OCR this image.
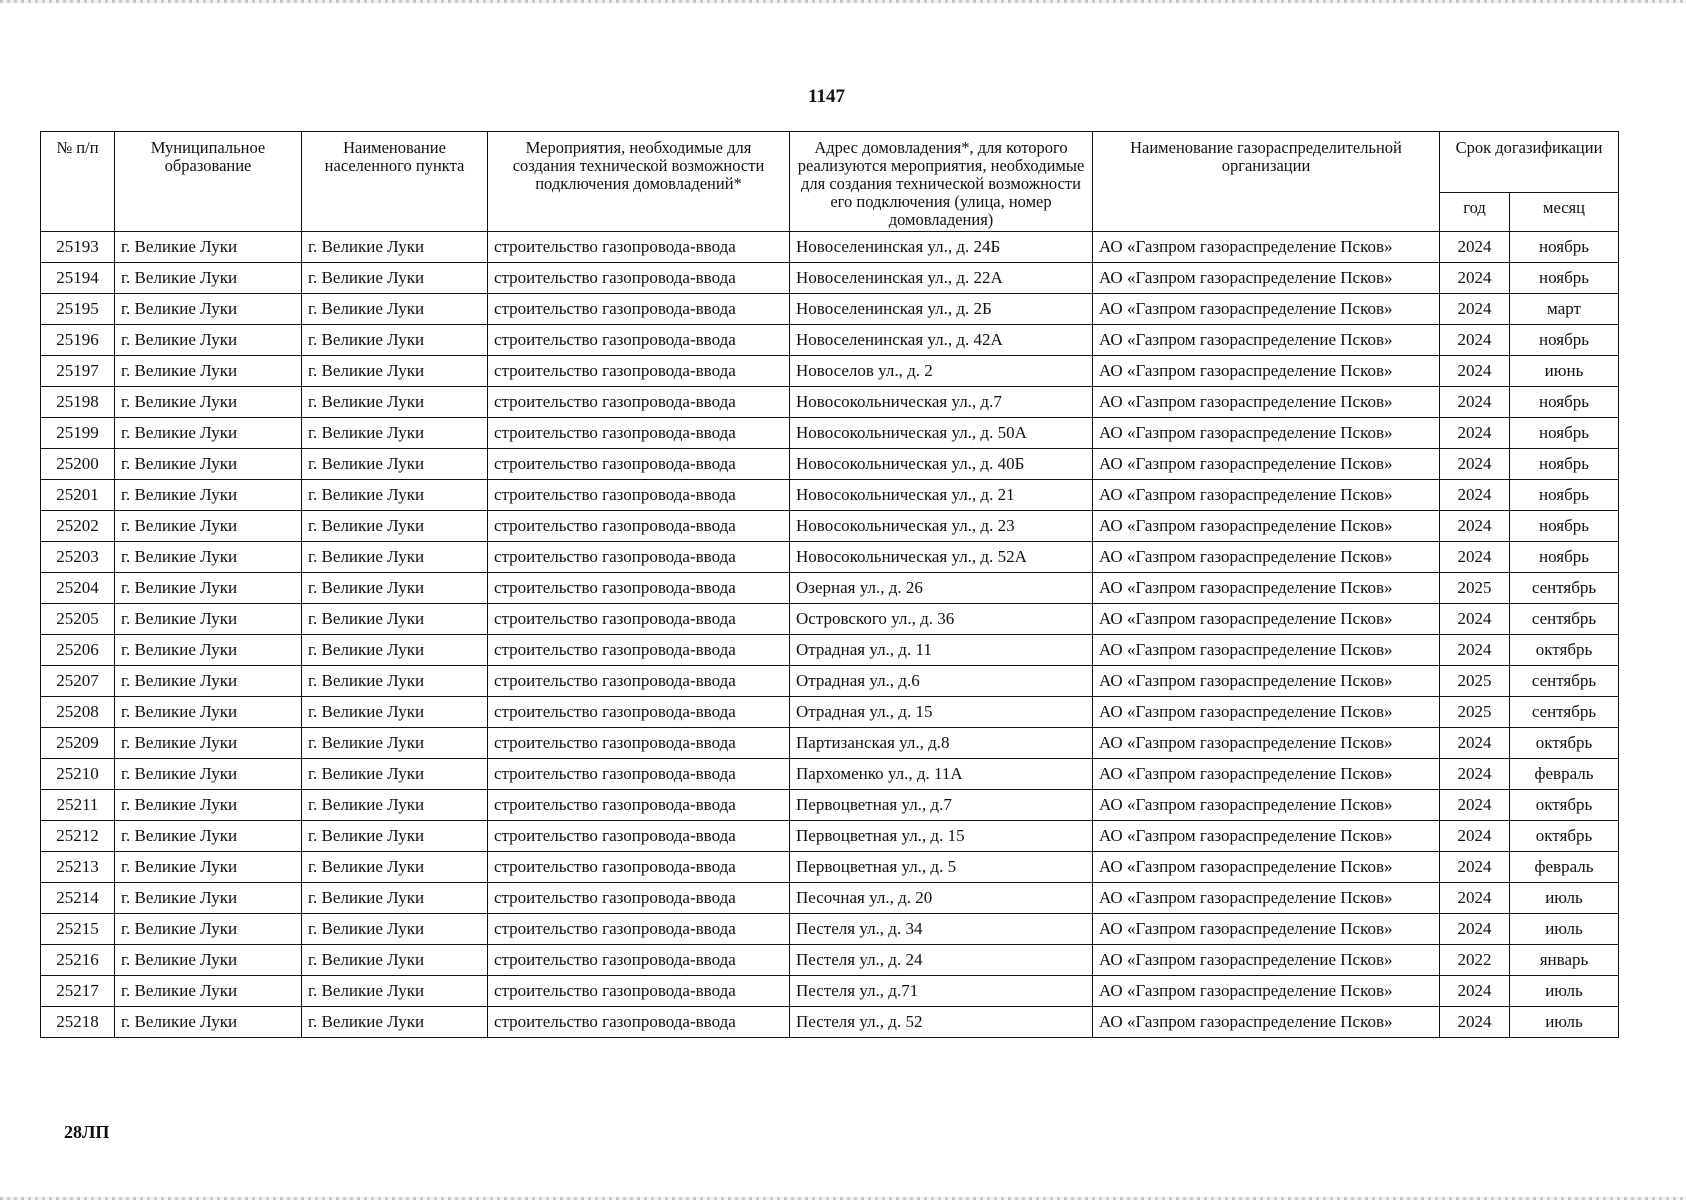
1147
№ п/п	Муниципальное образование	Наименование населенного пункта	Мероприятия, необходимые для создания технической возможности подключения домовладений*	Адрес домовладения*, для которого реализуются мероприятия, необходимые для создания технической возможности его подключения (улица, номер домовладения)	Наименование газораспределительной организации	Срок догазификации	
						год	месяц
25193	г. Великие Луки	г. Великие Луки	строительство газопровода-ввода	Новоселенинская ул., д. 24Б	АО «Газпром газораспределение Псков»	2024	ноябрь
25194	г. Великие Луки	г. Великие Луки	строительство газопровода-ввода	Новоселенинская ул., д. 22А	АО «Газпром газораспределение Псков»	2024	ноябрь
25195	г. Великие Луки	г. Великие Луки	строительство газопровода-ввода	Новоселенинская ул., д. 2Б	АО «Газпром газораспределение Псков»	2024	март
25196	г. Великие Луки	г. Великие Луки	строительство газопровода-ввода	Новоселенинская ул., д. 42А	АО «Газпром газораспределение Псков»	2024	ноябрь
25197	г. Великие Луки	г. Великие Луки	строительство газопровода-ввода	Новоселов ул., д. 2	АО «Газпром газораспределение Псков»	2024	июнь
25198	г. Великие Луки	г. Великие Луки	строительство газопровода-ввода	Новосокольническая ул., д.7	АО «Газпром газораспределение Псков»	2024	ноябрь
25199	г. Великие Луки	г. Великие Луки	строительство газопровода-ввода	Новосокольническая ул., д. 50А	АО «Газпром газораспределение Псков»	2024	ноябрь
25200	г. Великие Луки	г. Великие Луки	строительство газопровода-ввода	Новосокольническая ул., д. 40Б	АО «Газпром газораспределение Псков»	2024	ноябрь
25201	г. Великие Луки	г. Великие Луки	строительство газопровода-ввода	Новосокольническая ул., д. 21	АО «Газпром газораспределение Псков»	2024	ноябрь
25202	г. Великие Луки	г. Великие Луки	строительство газопровода-ввода	Новосокольническая ул., д. 23	АО «Газпром газораспределение Псков»	2024	ноябрь
25203	г. Великие Луки	г. Великие Луки	строительство газопровода-ввода	Новосокольническая ул., д. 52А	АО «Газпром газораспределение Псков»	2024	ноябрь
25204	г. Великие Луки	г. Великие Луки	строительство газопровода-ввода	Озерная ул., д. 26	АО «Газпром газораспределение Псков»	2025	сентябрь
25205	г. Великие Луки	г. Великие Луки	строительство газопровода-ввода	Островского ул., д. 36	АО «Газпром газораспределение Псков»	2024	сентябрь
25206	г. Великие Луки	г. Великие Луки	строительство газопровода-ввода	Отрадная ул., д. 11	АО «Газпром газораспределение Псков»	2024	октябрь
25207	г. Великие Луки	г. Великие Луки	строительство газопровода-ввода	Отрадная ул., д.6	АО «Газпром газораспределение Псков»	2025	сентябрь
25208	г. Великие Луки	г. Великие Луки	строительство газопровода-ввода	Отрадная ул., д. 15	АО «Газпром газораспределение Псков»	2025	сентябрь
25209	г. Великие Луки	г. Великие Луки	строительство газопровода-ввода	Партизанская ул., д.8	АО «Газпром газораспределение Псков»	2024	октябрь
25210	г. Великие Луки	г. Великие Луки	строительство газопровода-ввода	Пархоменко ул., д. 11А	АО «Газпром газораспределение Псков»	2024	февраль
25211	г. Великие Луки	г. Великие Луки	строительство газопровода-ввода	Первоцветная ул., д.7	АО «Газпром газораспределение Псков»	2024	октябрь
25212	г. Великие Луки	г. Великие Луки	строительство газопровода-ввода	Первоцветная ул., д. 15	АО «Газпром газораспределение Псков»	2024	октябрь
25213	г. Великие Луки	г. Великие Луки	строительство газопровода-ввода	Первоцветная ул., д. 5	АО «Газпром газораспределение Псков»	2024	февраль
25214	г. Великие Луки	г. Великие Луки	строительство газопровода-ввода	Песочная ул., д. 20	АО «Газпром газораспределение Псков»	2024	июль
25215	г. Великие Луки	г. Великие Луки	строительство газопровода-ввода	Пестеля ул., д. 34	АО «Газпром газораспределение Псков»	2024	июль
25216	г. Великие Луки	г. Великие Луки	строительство газопровода-ввода	Пестеля ул., д. 24	АО «Газпром газораспределение Псков»	2022	январь
25217	г. Великие Луки	г. Великие Луки	строительство газопровода-ввода	Пестеля ул., д.71	АО «Газпром газораспределение Псков»	2024	июль
25218	г. Великие Луки	г. Великие Луки	строительство газопровода-ввода	Пестеля ул., д. 52	АО «Газпром газораспределение Псков»	2024	июль
28ЛП
